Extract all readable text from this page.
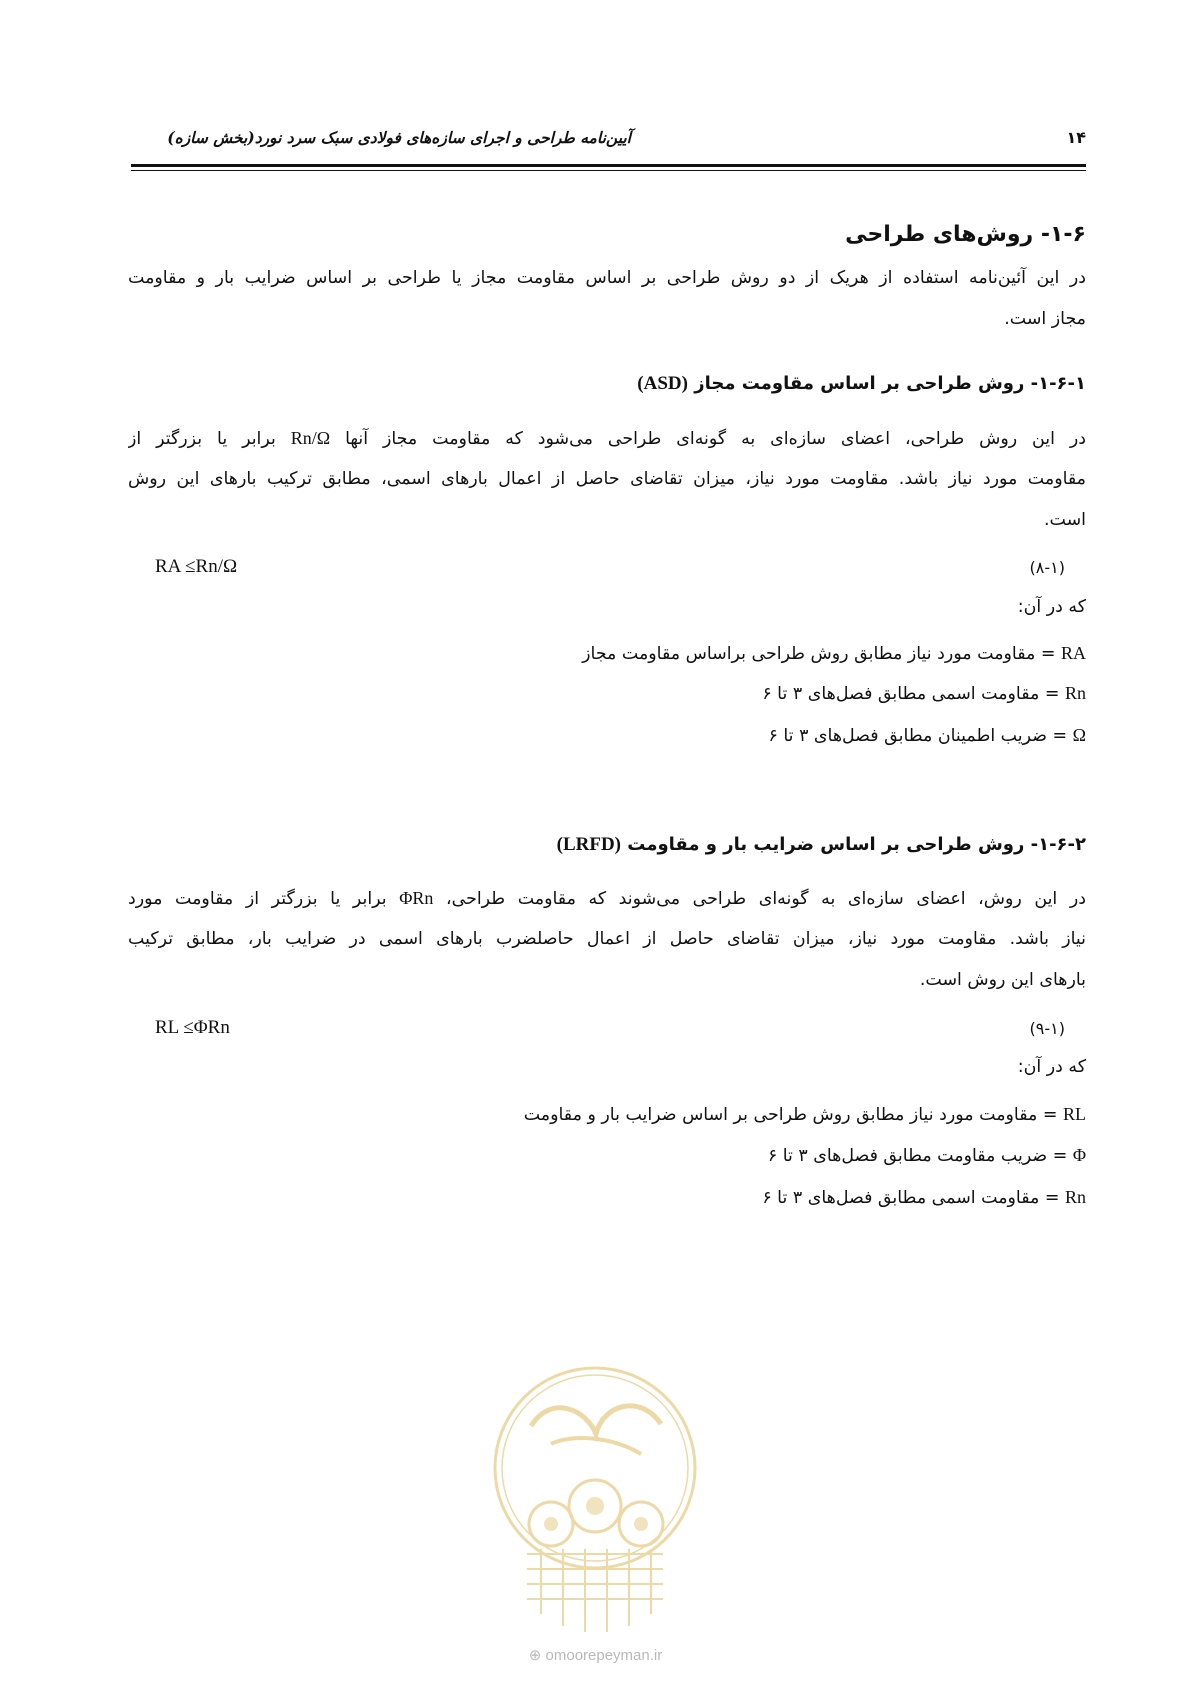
آیین‌نامه طراحی و اجرای سازه‌های فولادی سبک سرد نورد(بخش سازه)	۱۴
۱-۶- روش‌های طراحی
در این آئین‌نامه استفاده از هریک از دو روش طراحی بر اساس مقاومت مجاز یا طراحی بر اساس ضرایب بار و مقاومت
مجاز است.
۱-۶-۱- روش طراحی بر اساس مقاومت مجاز (ASD)
در این روش طراحی، اعضای سازه‌ای به گونه‌ای طراحی می‌شود که مقاومت مجاز آنها Rn/Ω برابر یا بزرگتر از
مقاومت مورد نیاز باشد. مقاومت مورد نیاز، میزان تقاضای حاصل از اعمال بارهای اسمی، مطابق ترکیب بارهای این روش
است.
RA ≤Rn/Ω	(۸-۱)
که در آن:
RA = مقاومت مورد نیاز مطابق روش طراحی براساس مقاومت مجاز
Rn = مقاومت اسمی مطابق فصل‌های ۳ تا ۶
Ω = ضریب اطمینان مطابق فصل‌های ۳ تا ۶
۱-۶-۲- روش طراحی بر اساس ضرایب بار و مقاومت (LRFD)
در این روش، اعضای سازه‌ای به گونه‌ای طراحی می‌شوند که مقاومت طراحی، ΦRn برابر یا بزرگتر از مقاومت مورد
نیاز باشد. مقاومت مورد نیاز، میزان تقاضای حاصل از اعمال حاصلضرب بارهای اسمی در ضرایب بار، مطابق ترکیب
بارهای این روش است.
RL ≤ΦRn	(۹-۱)
که در آن:
RL = مقاومت مورد نیاز مطابق روش طراحی بر اساس ضرایب بار و مقاومت
Φ = ضریب مقاومت مطابق فصل‌های ۳ تا ۶
Rn = مقاومت اسمی مطابق فصل‌های ۳ تا ۶
⊕ omoorepeyman.ir
